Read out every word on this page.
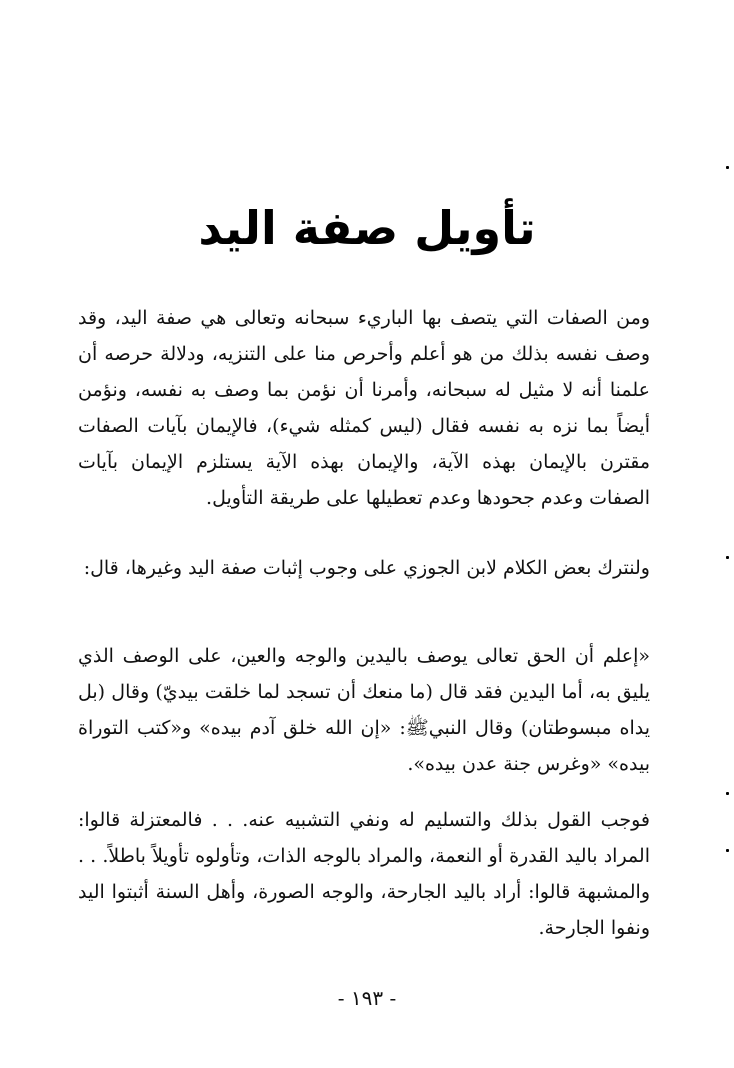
تأويل صفة اليد

ومن الصفات التي يتصف بها الباريء سبحانه وتعالى هي صفة اليد، وقد وصف نفسه بذلك من هو أعلم وأحرص منا على التنزيه، ودلالة حرصه أن علمنا أنه لا مثيل له سبحانه، وأمرنا أن نؤمن بما وصف به نفسه، ونؤمن أيضاً بما نزه به نفسه فقال (ليس كمثله شيء)، فالإيمان بآيات الصفات مقترن بالإيمان بهذه الآية، والإيمان بهذه الآية يستلزم الإيمان بآيات الصفات وعدم جحودها وعدم تعطيلها على طريقة التأويل.

ولنترك بعض الكلام لابن الجوزي على وجوب إثبات صفة اليد وغيرها، قال:

«إعلم أن الحق تعالى يوصف باليدين والوجه والعين، على الوصف الذي يليق به، أما اليدين فقد قال (ما منعك أن تسجد لما خلقت بيديّ) وقال (بل يداه مبسوطتان) وقال النبيﷺ: «إن الله خلق آدم بيده» و«كتب التوراة بيده» «وغرس جنة عدن بيده».

فوجب القول بذلك والتسليم له ونفي التشبيه عنه. . . فالمعتزلة قالوا: المراد باليد القدرة أو النعمة، والمراد بالوجه الذات، وتأولوه تأويلاً باطلاً. . . والمشبهة قالوا: أراد باليد الجارحة، والوجه الصورة، وأهل السنة أثبتوا اليد ونفوا الجارحة.

- ١٩٣ -
